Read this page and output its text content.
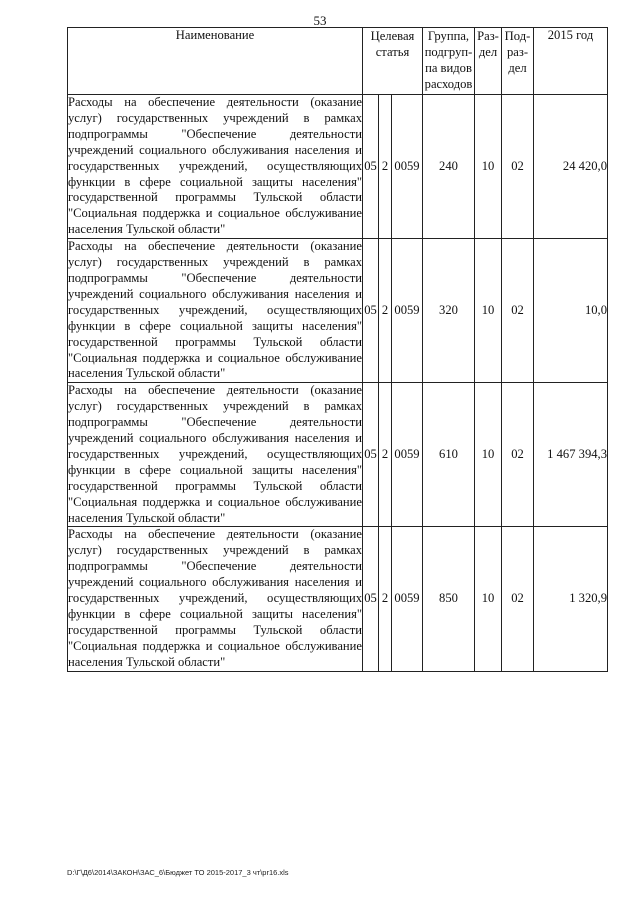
53
Наименование	Целевая статья			Группа,
подгруп-
па видов
расходов	Раз-
дел	Под-
раз-
дел	2015 год
Расходы на обеспечение деятельности (оказание услуг) государственных учреждений в рамках подпрограммы "Обеспечение деятельности учреждений социального обслуживания населения и государственных учреждений, осуществляющих функции в сфере социальной защиты населения" государственной программы Тульской области "Социальная поддержка и социальное обслуживание населения Тульской области"	05	2	0059	240	10	02	24 420,0
Расходы на обеспечение деятельности (оказание услуг) государственных учреждений в рамках подпрограммы "Обеспечение деятельности учреждений социального обслуживания населения и государственных учреждений, осуществляющих функции в сфере социальной защиты населения" государственной программы Тульской области "Социальная поддержка и социальное обслуживание населения Тульской области"	05	2	0059	320	10	02	10,0
Расходы на обеспечение деятельности (оказание услуг) государственных учреждений в рамках подпрограммы "Обеспечение деятельности учреждений социального обслуживания населения и государственных учреждений, осуществляющих функции в сфере социальной защиты населения" государственной программы Тульской области "Социальная поддержка и социальное обслуживание населения Тульской области"	05	2	0059	610	10	02	1 467 394,3
Расходы на обеспечение деятельности (оказание услуг) государственных учреждений в рамках подпрограммы "Обеспечение деятельности учреждений социального обслуживания населения и государственных учреждений, осуществляющих функции в сфере социальной защиты населения" государственной программы Тульской области "Социальная поддержка и социальное обслуживание населения Тульской области"	05	2	0059	850	10	02	1 320,9
D:\Г\Д6\2014\ЗАКОН\ЗАС_6\Бюджет ТО 2015-2017_3 чт\pr16.xls
